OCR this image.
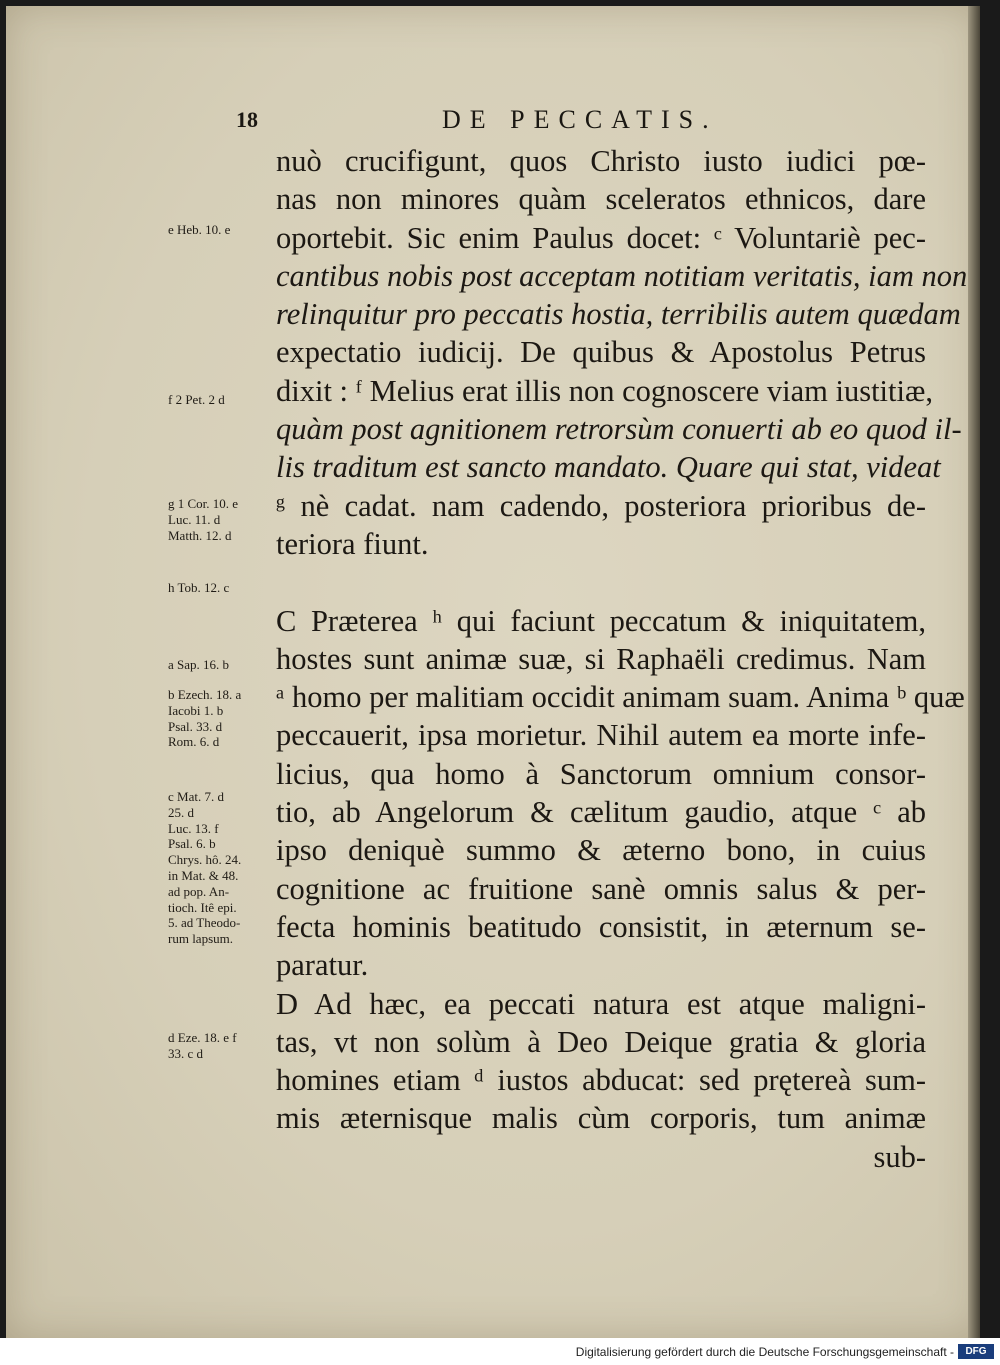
18	DE PECCATIS.
nuò crucifigunt, quos Christo iusto iudici pœ-
nas non minores quàm sceleratos ethnicos, dare
oportebit. Sic enim Paulus docet: ᶜ Voluntariè pec-
cantibus nobis post acceptam notitiam veritatis, iam non
relinquitur pro peccatis hostia, terribilis autem quædam
expectatio iudicij. De quibus & Apostolus Petrus
dixit : ᶠ Melius erat illis non cognoscere viam iustitiæ,
quàm post agnitionem retrorsùm conuerti ab eo quod il-
lis traditum est sancto mandato. Quare qui stat, videat
ᵍ nè cadat. nam cadendo, posteriora prioribus de-
teriora fiunt.
C Præterea ʰ qui faciunt peccatum & iniquitatem,
hostes sunt animæ suæ, si Raphaëli credimus. Nam
ᵃ homo per malitiam occidit animam suam. Anima ᵇ quæ
peccauerit, ipsa morietur. Nihil autem ea morte infe-
licius, qua homo à Sanctorum omnium consor-
tio, ab Angelorum & cælitum gaudio, atque ᶜ ab
ipso deniquè summo & æterno bono, in cuius
cognitione ac fruitione sanè omnis salus & per-
fecta hominis beatitudo consistit, in æternum se-
paratur.
D Ad hæc, ea peccati natura est atque maligni-
tas, vt non solùm à Deo Deique gratia & gloria
homines etiam ᵈ iustos abducat: sed prętereà sum-
mis æternisque malis cùm corporis, tum animæ
sub-
e Heb. 10. e
f 2 Pet. 2 d
g 1 Cor. 10. e
Luc. 11. d
Matth. 12. d
h Tob. 12. c
a Sap. 16. b
b Ezech. 18. a
Iacobi 1. b
Psal. 33. d
Rom. 6. d
c Mat. 7. d
25. d
Luc. 13. f
Psal. 6. b
Chrys. hô. 24.
in Mat. & 48.
ad pop. An-
tioch. Itê epi.
5. ad Theodo-
rum lapsum.
d Eze. 18. e f
33. c d
Digitalisierung gefördert durch die Deutsche Forschungsgemeinschaft -	DFG
